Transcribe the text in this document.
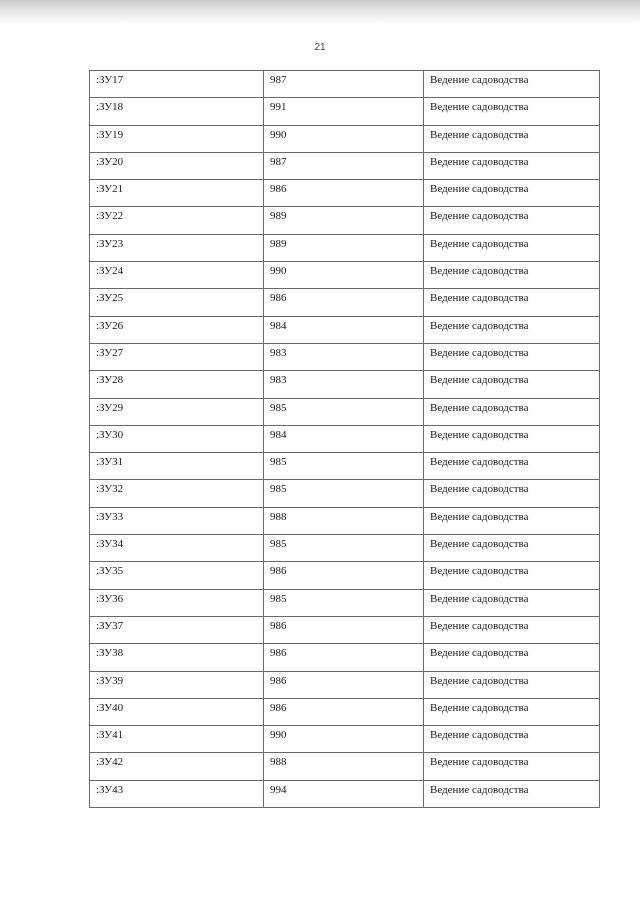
21
:ЗУ17	987	Ведение садоводства
:ЗУ18	991	Ведение садоводства
:ЗУ19	990	Ведение садоводства
:ЗУ20	987	Ведение садоводства
:ЗУ21	986	Ведение садоводства
:ЗУ22	989	Ведение садоводства
:ЗУ23	989	Ведение садоводства
:ЗУ24	990	Ведение садоводства
:ЗУ25	986	Ведение садоводства
:ЗУ26	984	Ведение садоводства
:ЗУ27	983	Ведение садоводства
:ЗУ28	983	Ведение садоводства
:ЗУ29	985	Ведение садоводства
:ЗУ30	984	Ведение садоводства
:ЗУ31	985	Ведение садоводства
:ЗУ32	985	Ведение садоводства
:ЗУ33	988	Ведение садоводства
:ЗУ34	985	Ведение садоводства
:ЗУ35	986	Ведение садоводства
:ЗУ36	985	Ведение садоводства
:ЗУ37	986	Ведение садоводства
:ЗУ38	986	Ведение садоводства
:ЗУ39	986	Ведение садоводства
:ЗУ40	986	Ведение садоводства
:ЗУ41	990	Ведение садоводства
:ЗУ42	988	Ведение садоводства
:ЗУ43	994	Ведение садоводства
